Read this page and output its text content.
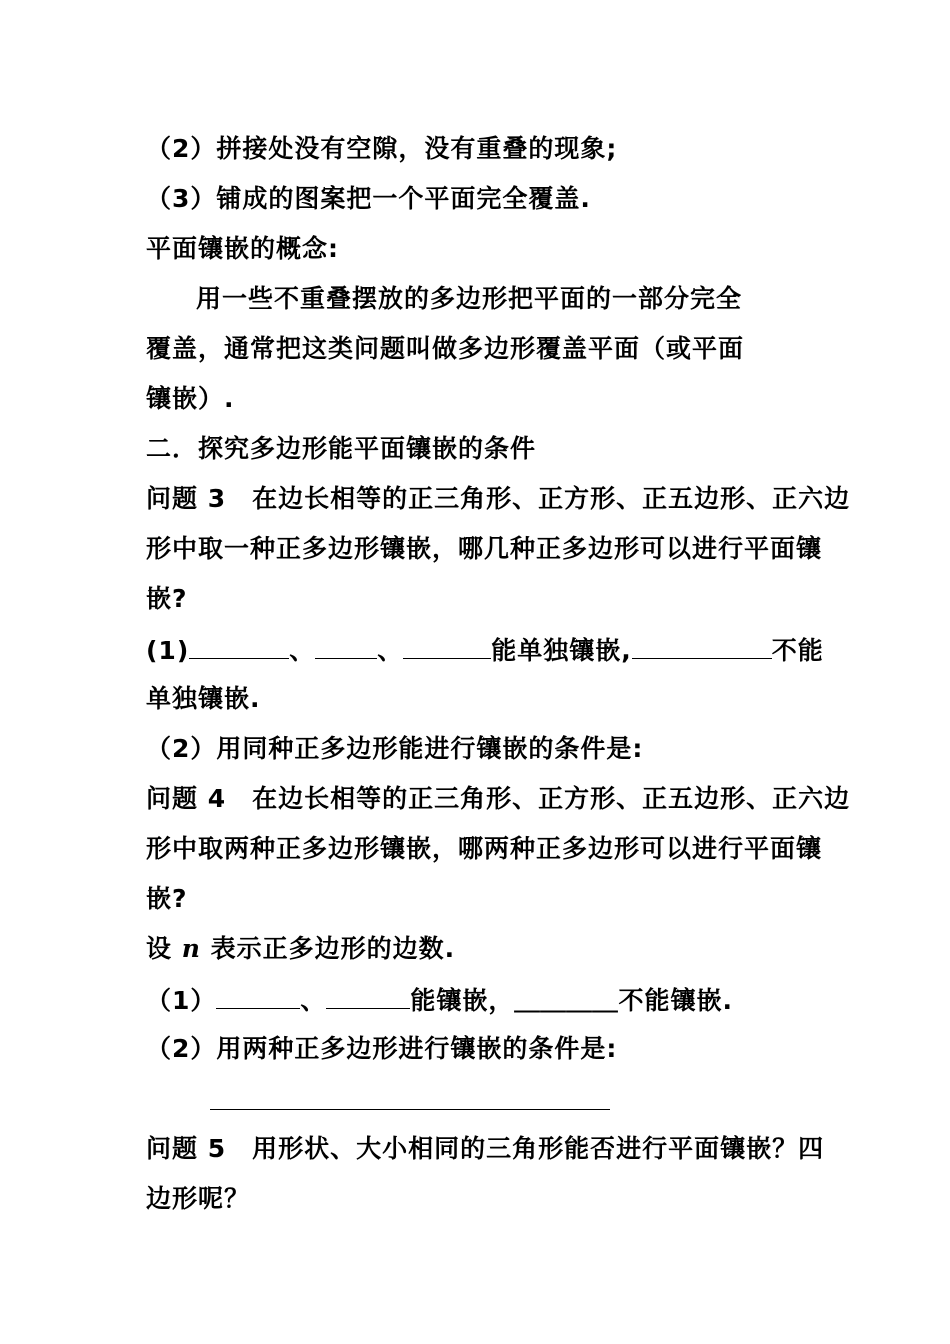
（2）拼接处没有空隙，没有重叠的现象;
（3）铺成的图案把一个平面完全覆盖.
平面镶嵌的概念:
用一些不重叠摆放的多边形把平面的一部分完全
覆盖，通常把这类问题叫做多边形覆盖平面（或平面
镶嵌）.
二．探究多边形能平面镶嵌的条件
问题 3　在边长相等的正三角形、正方形、正五边形、正六边
形中取一种正多边形镶嵌，哪几种正多边形可以进行平面镶
嵌?
(1)	、 、	能单独镶嵌,	不能
单独镶嵌.
（2）用同种正多边形能进行镶嵌的条件是:
问题 4　在边长相等的正三角形、正方形、正五边形、正六边
形中取两种正多边形镶嵌，哪两种正多边形可以进行平面镶
嵌?
设 n 表示正多边形的边数.
（1）	、	能镶嵌，＿＿＿＿不能镶嵌.
（2）用两种正多边形进行镶嵌的条件是:
＿＿＿＿＿＿＿＿＿＿＿＿＿＿＿＿
问题 5　用形状、大小相同的三角形能否进行平面镶嵌？四
边形呢？
